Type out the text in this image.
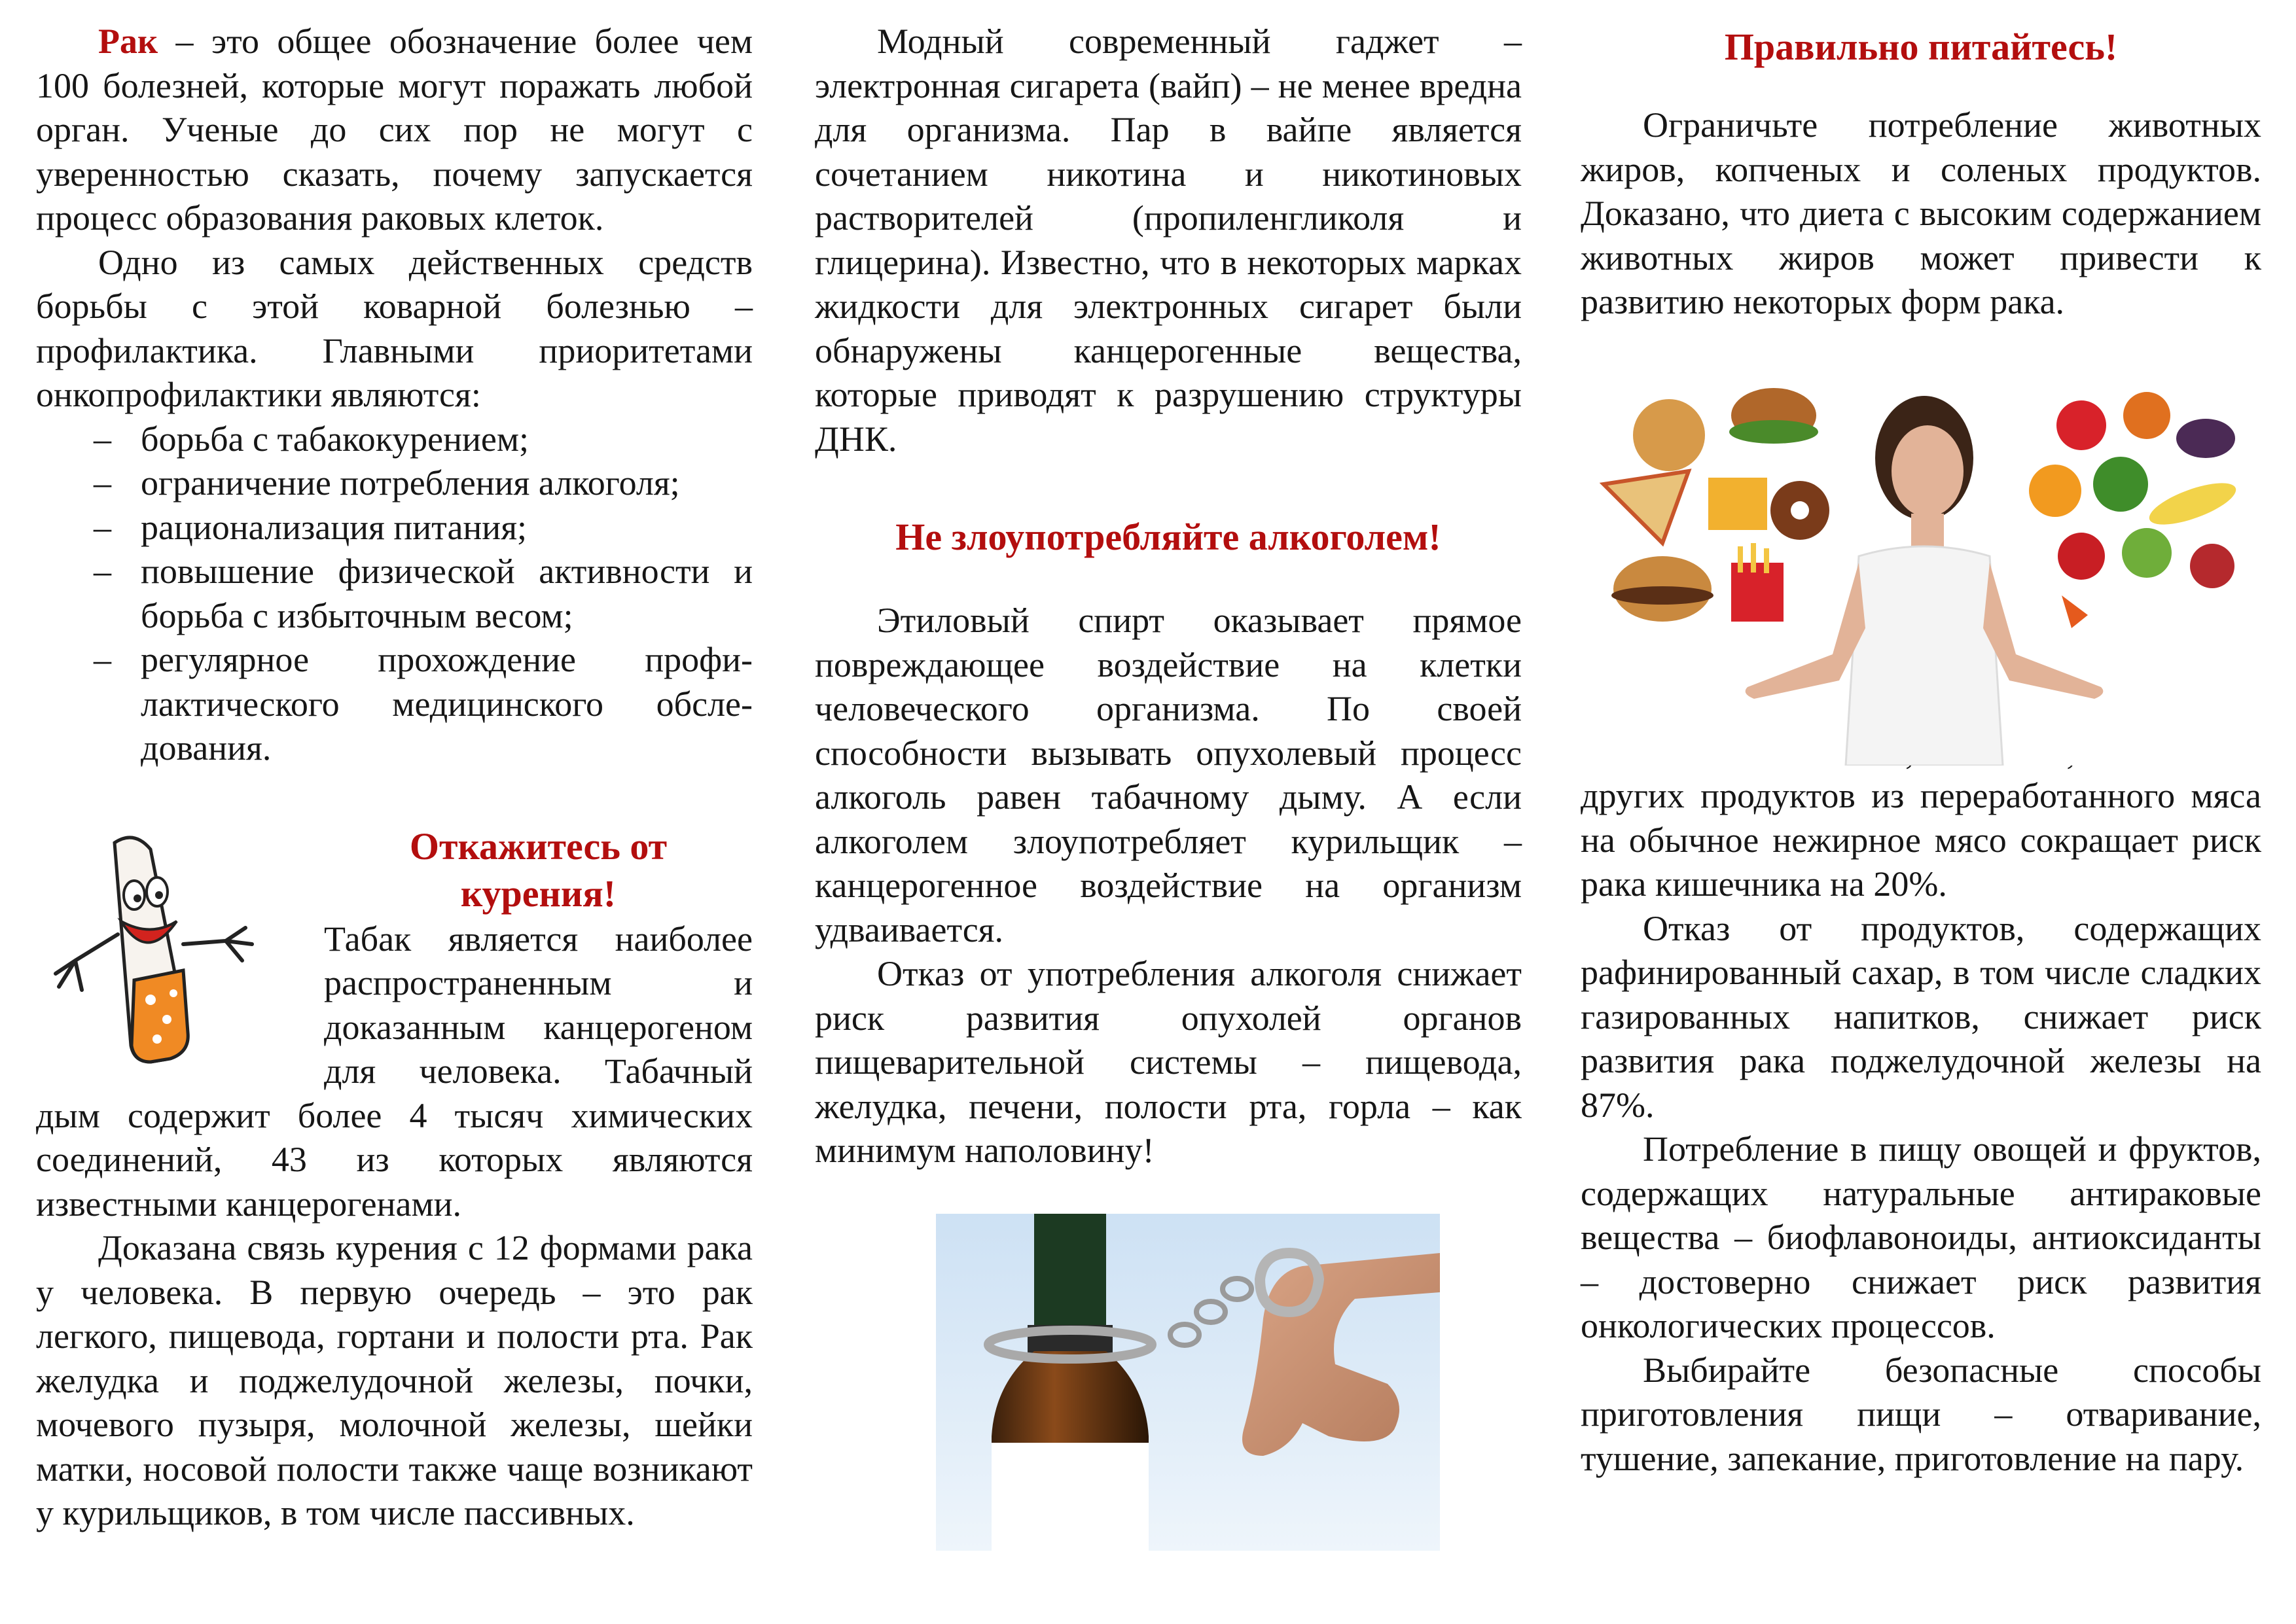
Рак – это общее обозначение более чем 100 болезней, которые могут поражать любой орган. Ученые до сих пор не могут с уверенностью сказать, почему запускается процесс образования раковых клеток.

Одно из самых действенных средств борьбы с этой коварной болезнью – профилактика. Главными приоритетами онкопрофилактики являются:

– борьба с табакокурением;
– ограничение потребления алкоголя;
– рационализация питания;
– повышение физической активности и борьба с избыточным весом;
– регулярное прохождение профилактического медицинского обследования.
Откажитесь от
курения!

Табак является наиболее распространенным и доказанным канцерогеном для человека. Табачный дым содержит более 4 тысяч химических соединений, 43 из которых являются известными канцерогенами.

Доказана связь курения с 12 формами рака у человека. В первую очередь – это рак легкого, пищевода, гортани и полости рта. Рак желудка и поджелудочной железы, почки, мочевого пузыря, молочной железы, шейки матки, носовой полости также чаще возникают у курильщиков, в том числе пассивных.

Модный современный гаджет – электронная сигарета (вайп) – не менее вредна для организма. Пар в вайпе является сочетанием никотина и никотиновых растворителей (пропиленгликоля и глицерина). Известно, что в некоторых марках жидкости для электронных сигарет были обнаружены канцерогенные вещества, которые приводят к разрушению структуры ДНК.

Не злоупотребляйте алкоголем!

Этиловый спирт оказывает прямое повреждающее воздействие на клетки человеческого организма. По своей способности вызывать опухолевый процесс алкоголь равен табачному дыму. А если алкоголем злоупотребляет курильщик – канцерогенное воздействие на организм удваивается.

Отказ от употребления алкоголя снижает риск развития опухолей органов пищеварительной системы – пищевода, желудка, печени, полости рта, горла – как минимум наполовину!

Правильно питайтесь!

Ограничьте потребление животных жиров, копченых и соленых продуктов. Доказано, что диета с высоким содержанием животных жиров может привести к развитию некоторых форм рака.

других продуктов из переработанного мяса на обычное нежирное мясо сокращает риск рака кишечника на 20%.

Отказ от продуктов, содержащих рафинированный сахар, в том числе сладких газированных напитков, снижает риск развития рака поджелудочной железы на 87%.

Потребление в пищу овощей и фруктов, содержащих натуральные антираковые вещества – биофлавоноиды, антиоксиданты – достоверно снижает риск развития онкологических процессов.

Выбирайте безопасные способы приготовления пищи – отваривание, тушение, запекание, приготовление на пару.
